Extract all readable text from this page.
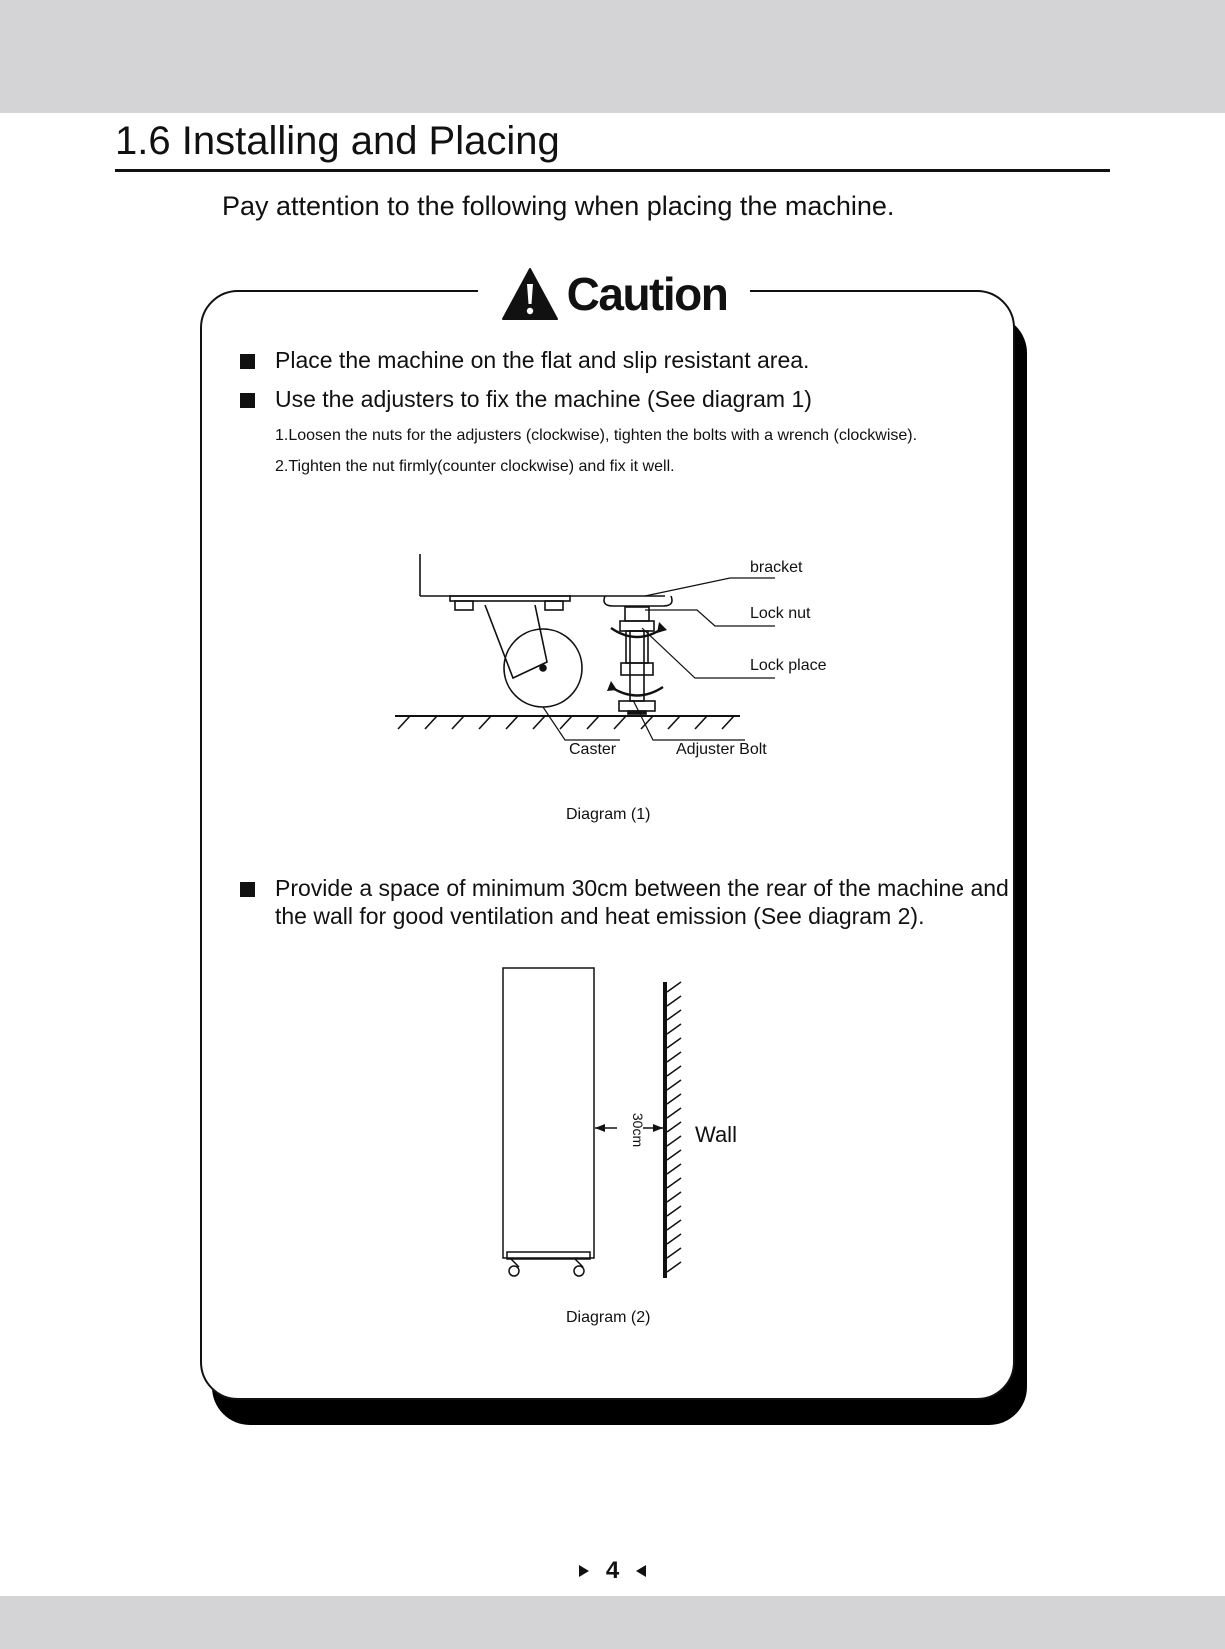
1.6 Installing and Placing
Pay attention to the following when placing the machine.
Caution
Place the machine on the flat and slip resistant area.
Use the adjusters to fix the machine (See diagram 1)
1.Loosen the nuts for the adjusters (clockwise), tighten the bolts with a wrench (clockwise).
2.Tighten the nut firmly(counter clockwise) and fix it well.
bracket
Lock nut
Lock place
Caster	Adjuster Bolt
Diagram (1)
Provide a space of minimum 30cm between the rear of the machine and
the wall for good ventilation and heat emission (See diagram 2).
30cm Wall
Diagram (2)
4
